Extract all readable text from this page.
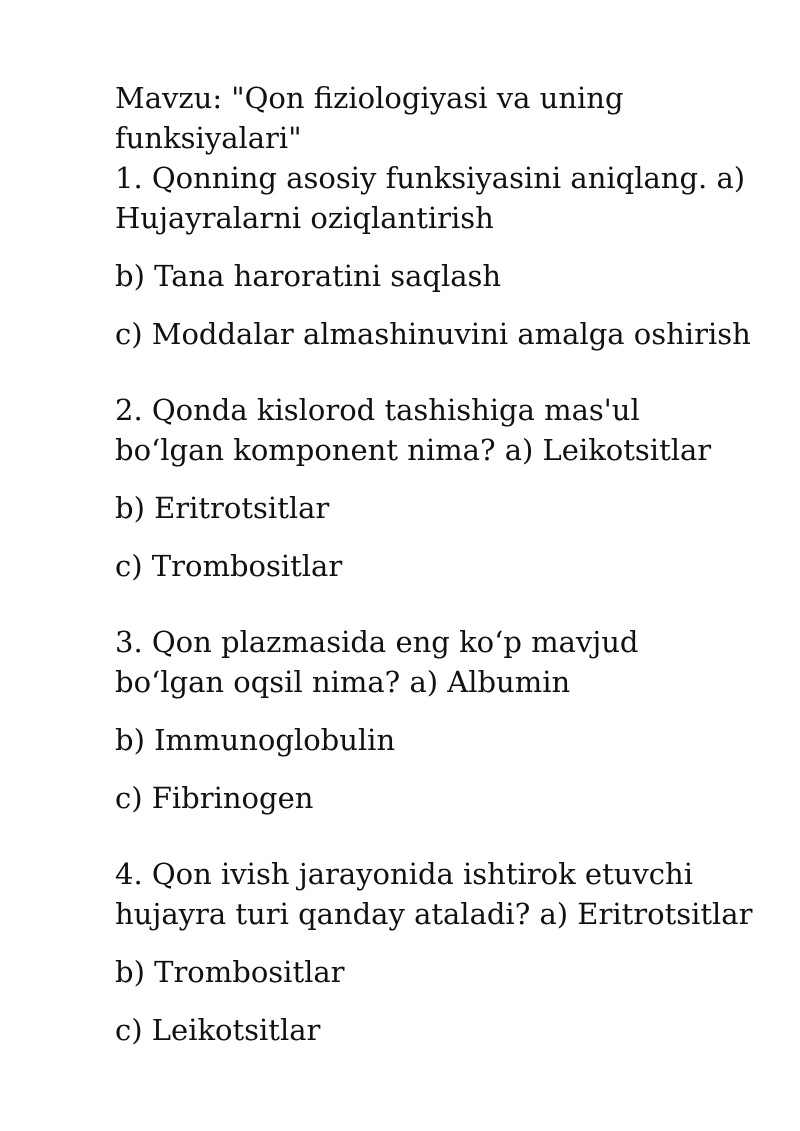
Mavzu: "Qon fiziologiyasi va uning funksiyalari"

1. Qonning asosiy funksiyasini aniqlang. a) Hujayralarni oziqlantirish

b) Tana haroratini saqlash

c) Moddalar almashinuvini amalga oshirish

2. Qonda kislorod tashishiga mas'ul bo‘lgan komponent nima? a) Leikotsitlar

b) Eritrotsitlar

c) Trombositlar

3. Qon plazmasida eng ko‘p mavjud bo‘lgan oqsil nima? a) Albumin

b) Immunoglobulin

c) Fibrinogen

4. Qon ivish jarayonida ishtirok etuvchi hujayra turi qanday ataladi? a) Eritrotsitlar

b) Trombositlar

c) Leikotsitlar
